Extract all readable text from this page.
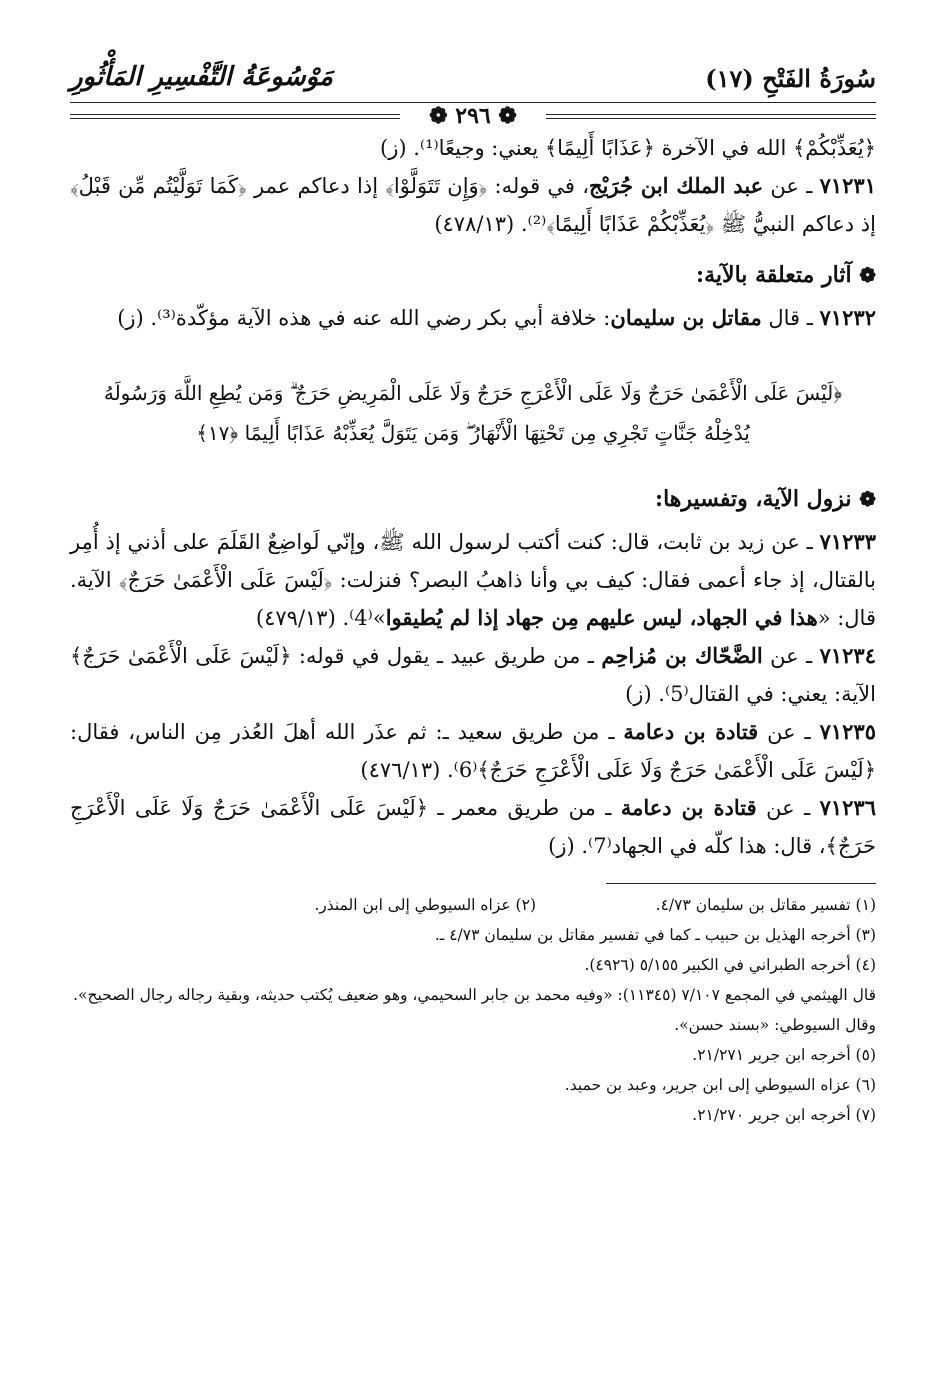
سُورَةُ الفَتْحِ (١٧)
مَوْسُوعَةُ التَّفْسِيرِ المَأْثُورِ
❁ ٢٩٦ ❁

﴿يُعَذِّبْكُمْ﴾ الله في الآخرة ﴿عَذَابًا أَلِيمًا﴾ يعني: وجيعًا⁽¹⁾. (ز)

٧١٢٣١ ـ عن عبد الملك ابن جُرَيْج، في قوله: ﴿وَإِن تَتَوَلَّوْا﴾ إذا دعاكم عمر ﴿كَمَا تَوَلَّيْتُم مِّن قَبْلُ﴾ إذ دعاكم النبيُّ ﷺ ﴿يُعَذِّبْكُمْ عَذَابًا أَلِيمًا﴾⁽²⁾. (٤٧٨/١٣)

❁ آثار متعلقة بالآية:

٧١٢٣٢ ـ قال مقاتل بن سليمان: خلافة أبي بكر رضي الله عنه في هذه الآية مؤكّدة⁽³⁾. (ز)

﴿لَيْسَ عَلَى الْأَعْمَىٰ حَرَجٌ وَلَا عَلَى الْأَعْرَجِ حَرَجٌ وَلَا عَلَى الْمَرِيضِ حَرَجٌ ۗ وَمَن يُطِعِ اللَّهَ وَرَسُولَهُ
يُدْخِلْهُ جَنَّاتٍ تَجْرِي مِن تَحْتِهَا الْأَنْهَارُ ۖ وَمَن يَتَوَلَّ يُعَذِّبْهُ عَذَابًا أَلِيمًا ﴿١٧﴾
❁ نزول الآية، وتفسيرها:

٧١٢٣٣ ـ عن زيد بن ثابت، قال: كنت أكتب لرسول الله ﷺ، وإنّي لَواضِعٌ القَلَمَ على أذني إذ أُمِر بالقتال، إذ جاء أعمى فقال: كيف بي وأنا ذاهبُ البصر؟ فنزلت: ﴿لَيْسَ عَلَى الْأَعْمَىٰ حَرَجٌ﴾ الآية. قال: «هذا في الجهاد، ليس عليهم مِن جهاد إذا لم يُطيقوا»⁽4⁾. (٤٧٩/١٣)

٧١٢٣٤ ـ عن الضَّحّاك بن مُزاحِم ـ من طريق عبيد ـ يقول في قوله: ﴿لَيْسَ عَلَى الْأَعْمَىٰ حَرَجٌ﴾ الآية: يعني: في القتال⁽5⁾. (ز)

٧١٢٣٥ ـ عن قتادة بن دعامة ـ من طريق سعيد ـ: ثم عذَر الله أهلَ العُذر مِن الناس، فقال: ﴿لَيْسَ عَلَى الْأَعْمَىٰ حَرَجٌ وَلَا عَلَى الْأَعْرَجِ حَرَجٌ﴾⁽6⁾. (٤٧٦/١٣)

٧١٢٣٦ ـ عن قتادة بن دعامة ـ من طريق معمر ـ ﴿لَيْسَ عَلَى الْأَعْمَىٰ حَرَجٌ وَلَا عَلَى الْأَعْرَجِ حَرَجٌ﴾، قال: هذا كلّه في الجهاد⁽7⁾. (ز)

(١) تفسير مقاتل بن سليمان ٤/٧٣.

(٢) عزاه السيوطي إلى ابن المنذر.

(٣) أخرجه الهذيل بن حبيب ـ كما في تفسير مقاتل بن سليمان ٤/٧٣ ـ.

(٤) أخرجه الطبراني في الكبير ٥/١٥٥ (٤٩٢٦).

قال الهيثمي في المجمع ٧/١٠٧ (١١٣٤٥): «وفيه محمد بن جابر السحيمي، وهو ضعيف يُكتب حديثه، وبقية رجاله رجال الصحيح». وقال السيوطي: «بسند حسن».

(٥) أخرجه ابن جرير ٢١/٢٧١.

(٦) عزاه السيوطي إلى ابن جرير، وعبد بن حميد.

(٧) أخرجه ابن جرير ٢١/٢٧٠.
